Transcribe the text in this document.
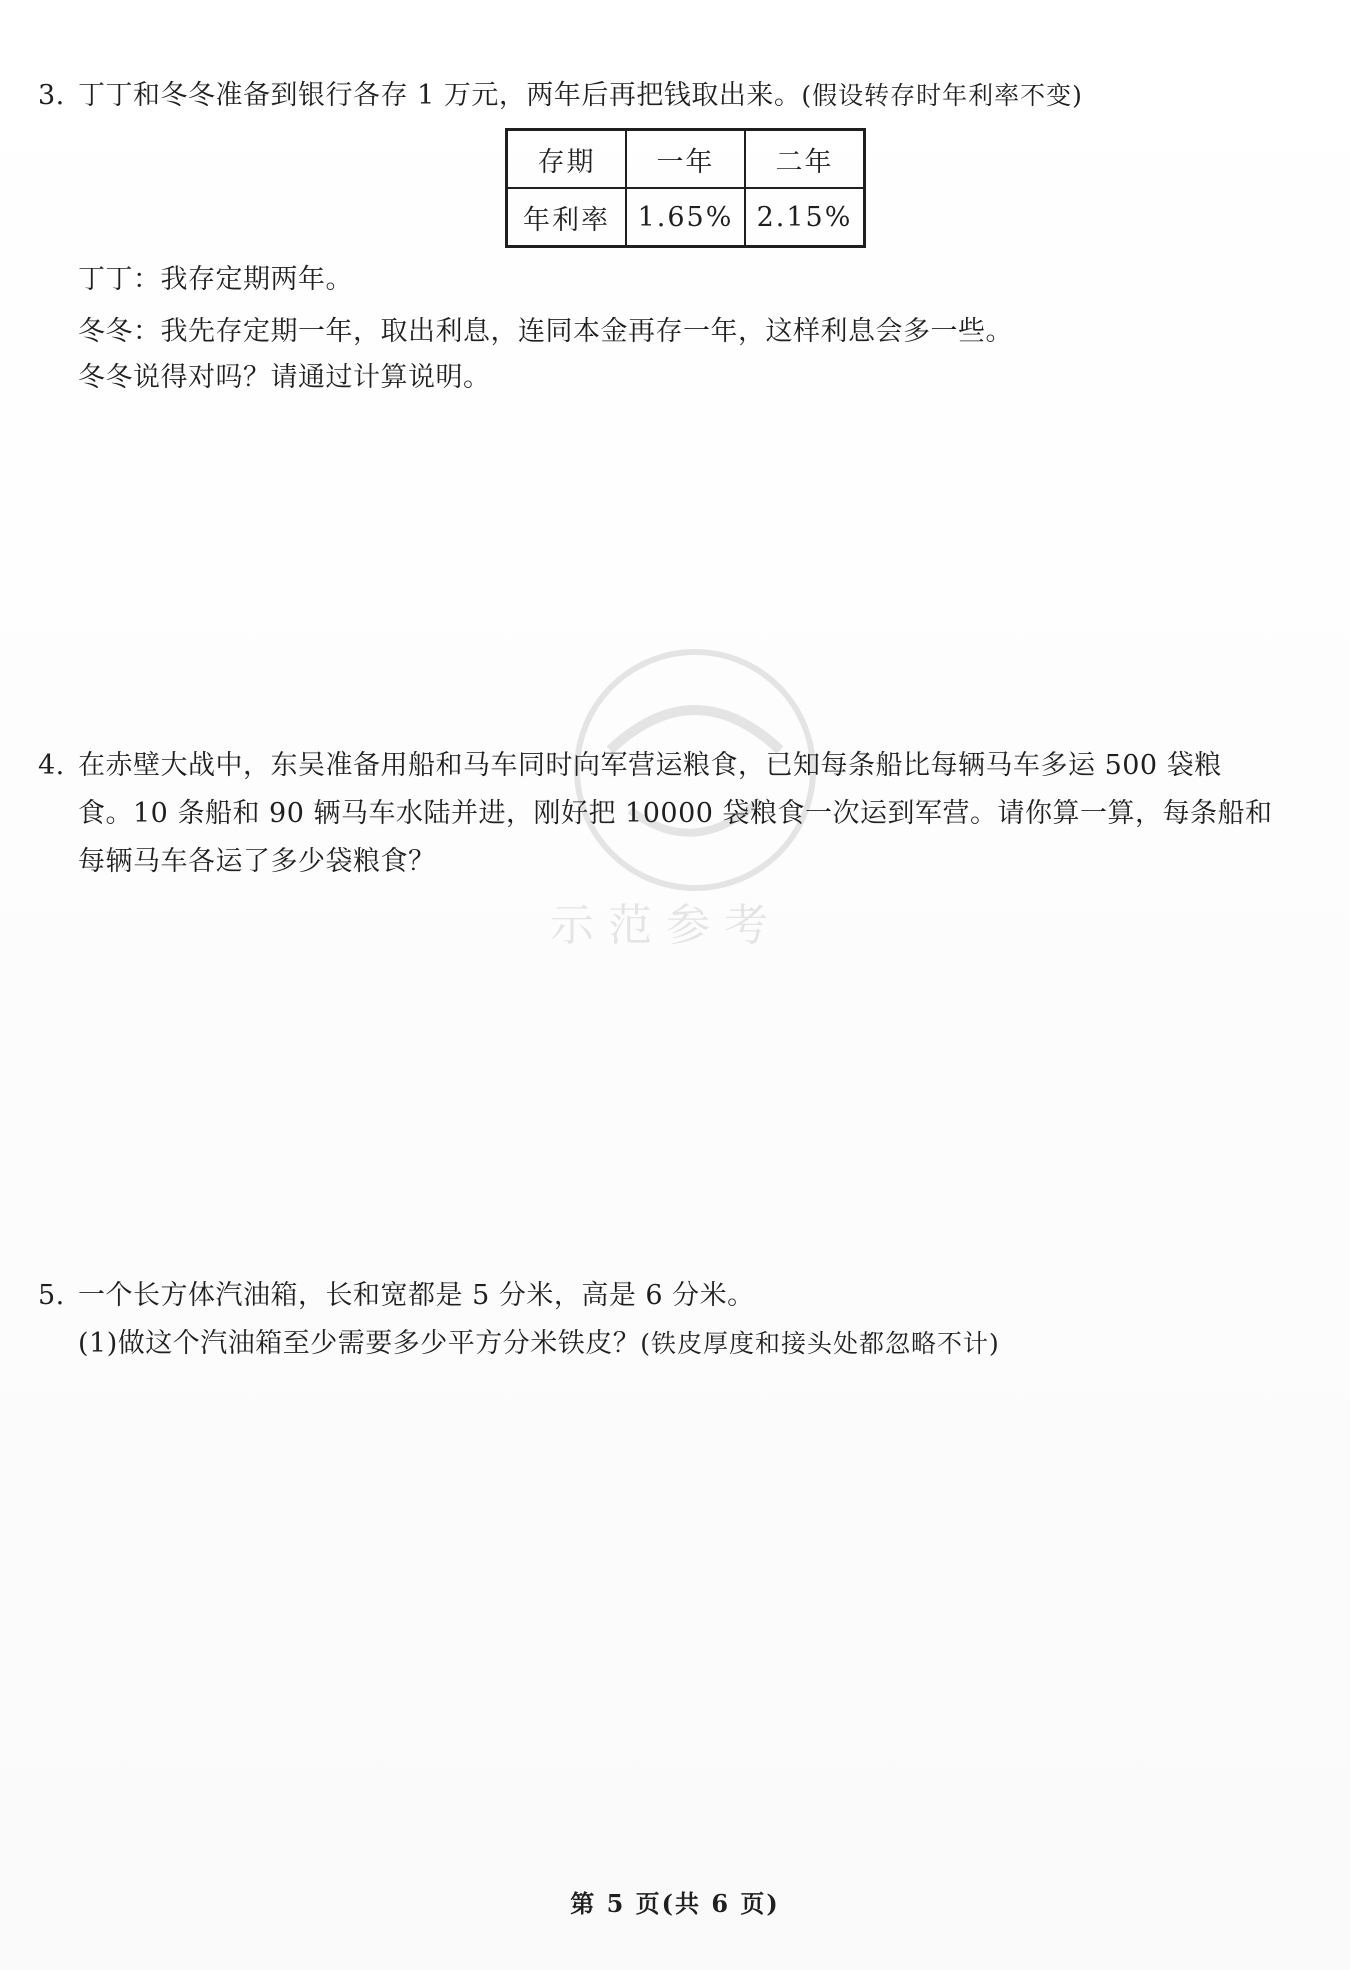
3. 丁丁和冬冬准备到银行各存 1 万元，两年后再把钱取出来。(假设转存时年利率不变)
存期	一年	二年
年利率	1.65%	2.15%
丁丁：我存定期两年。
冬冬：我先存定期一年，取出利息，连同本金再存一年，这样利息会多一些。
冬冬说得对吗？请通过计算说明。
示 范 参 考
4. 在赤壁大战中，东吴准备用船和马车同时向军营运粮食，已知每条船比每辆马车多运 500 袋粮
食。10 条船和 90 辆马车水陆并进，刚好把 10000 袋粮食一次运到军营。请你算一算，每条船和
每辆马车各运了多少袋粮食？
5. 一个长方体汽油箱，长和宽都是 5 分米，高是 6 分米。
(1)做这个汽油箱至少需要多少平方分米铁皮？(铁皮厚度和接头处都忽略不计)
第 5 页(共 6 页)
